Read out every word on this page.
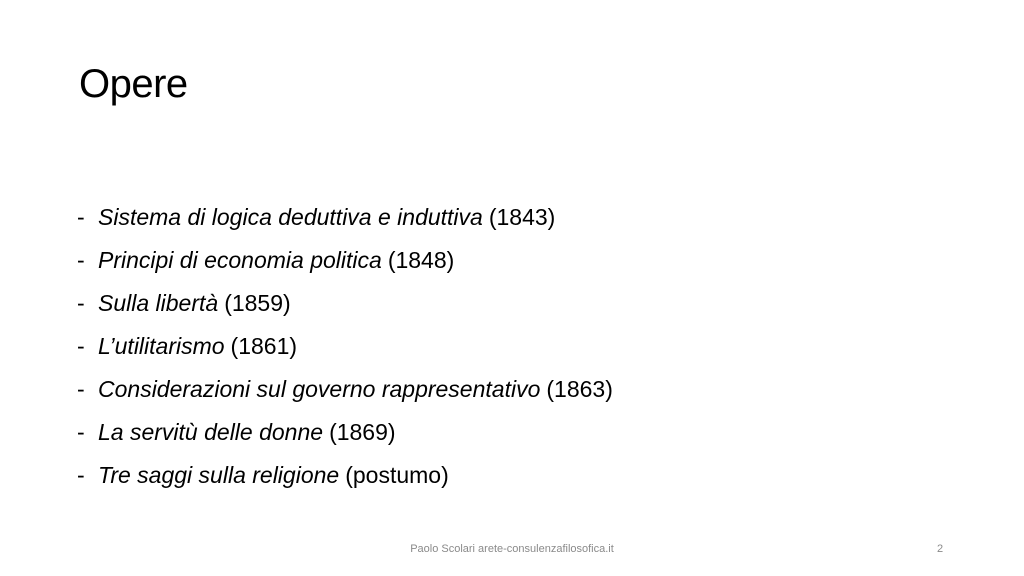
Opere
- Sistema di logica deduttiva e induttiva (1843)
- Principi di economia politica (1848)
- Sulla libertà (1859)
- L’utilitarismo (1861)
- Considerazioni sul governo rappresentativo (1863)
- La servitù delle donne (1869)
- Tre saggi sulla religione (postumo)
Paolo Scolari arete-consulenzafilosofica.it	2
